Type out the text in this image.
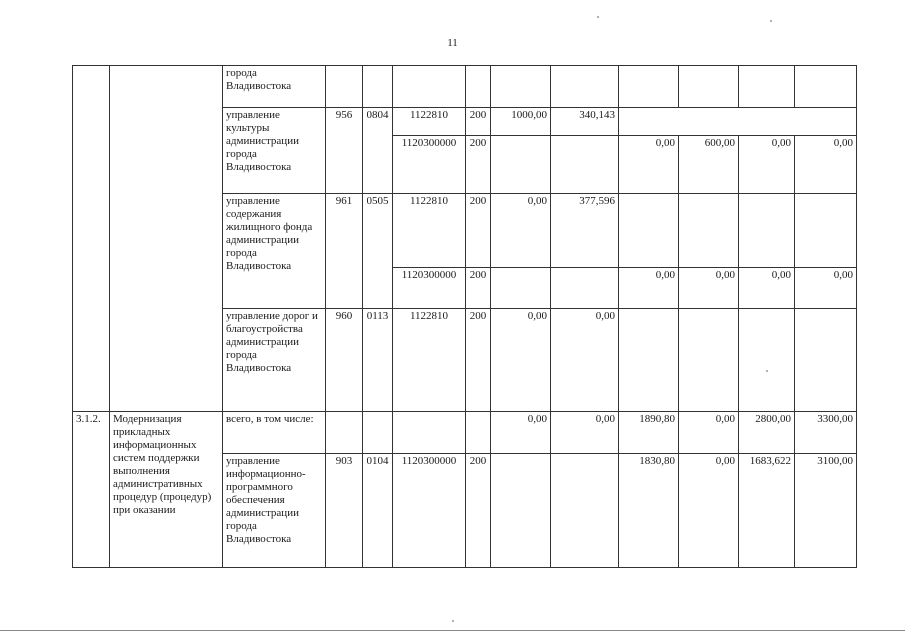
11
		города Владивостока										
		управление культуры администрации города Владивостока	956	0804	1122810	200	1000,00	340,143				
					1120300000	200			0,00	600,00	0,00	0,00
		управление содержания жилищного фонда администрации города Владивостока	961	0505	1122810	200	0,00	377,596				
					1120300000	200			0,00	0,00	0,00	0,00
		управление дорог и благоустройства администрации города Владивостока	960	0113	1122810	200	0,00	0,00				
3.1.2.	Модернизация прикладных информационных систем поддержки выполнения административных процедур (процедур) при оказании	всего, в том числе:					0,00	0,00	1890,80	0,00	2800,00	3300,00
		управление информационно-программного обеспечения администрации города Владивостока	903	0104	1120300000	200			1830,80	0,00	1683,622	3100,00
